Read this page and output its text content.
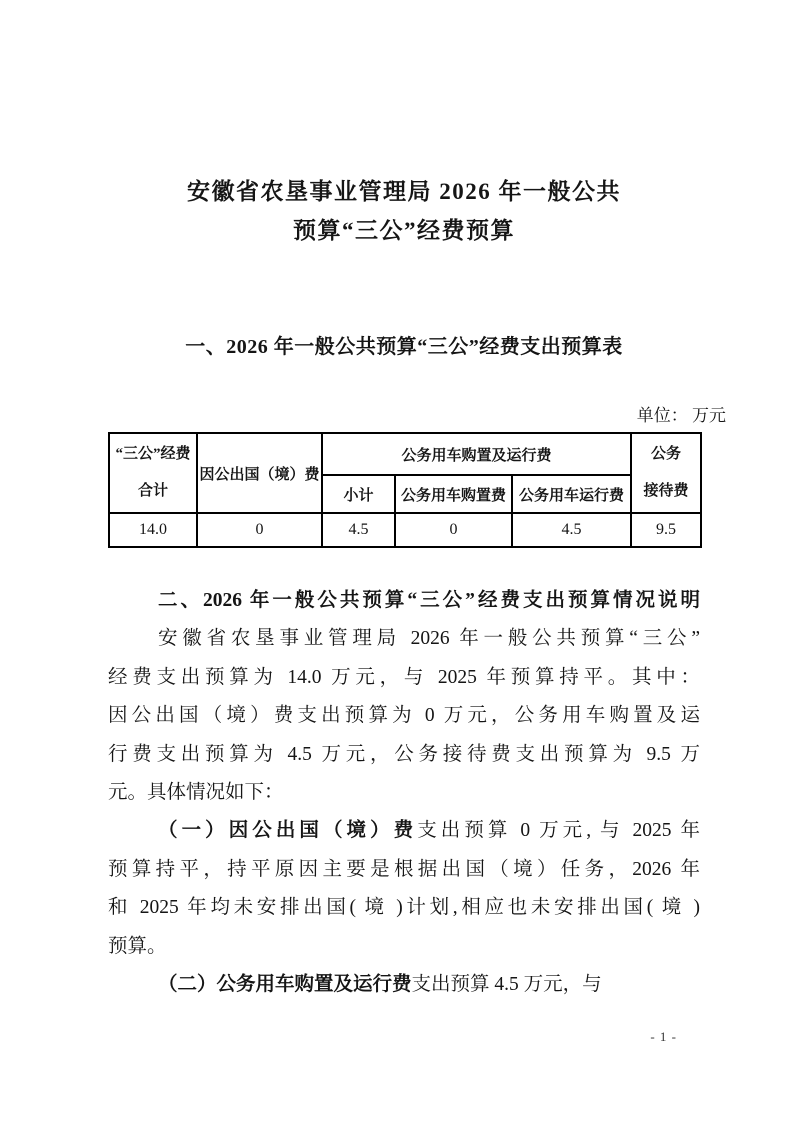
安徽省农垦事业管理局 2026 年一般公共
预算“三公”经费预算
一、2026 年一般公共预算“三公”经费支出预算表
单位： 万元
“三公”经费
合计	因公出国（境）费	公务用车购置及运行费			公务
接待费

		小计	公务用车购置费	公务用车运行费	
14.0	0	4.5	0	4.5	9.5

二、2026 年一般公共预算“三公”经费支出预算情况说明

安徽省农垦事业管理局 2026 年一般公共预算“三公”

经费支出预算为 14.0 万元，与 2025 年预算持平。其中：

因公出国（境）费支出预算为 0 万元，公务用车购置及运

行费支出预算为 4.5 万元，公务接待费支出预算为 9.5 万

元。具体情况如下：

（一）因公出国（境）费支出预算 0 万元, 与 2025 年

预算持平，持平原因主要是根据出国（境）任务，2026 年

和 2025 年均未安排出国( 境 )计划,相应也未安排出国( 境 )

预算。

（二）公务用车购置及运行费支出预算 4.5 万元，与

- 1 -
